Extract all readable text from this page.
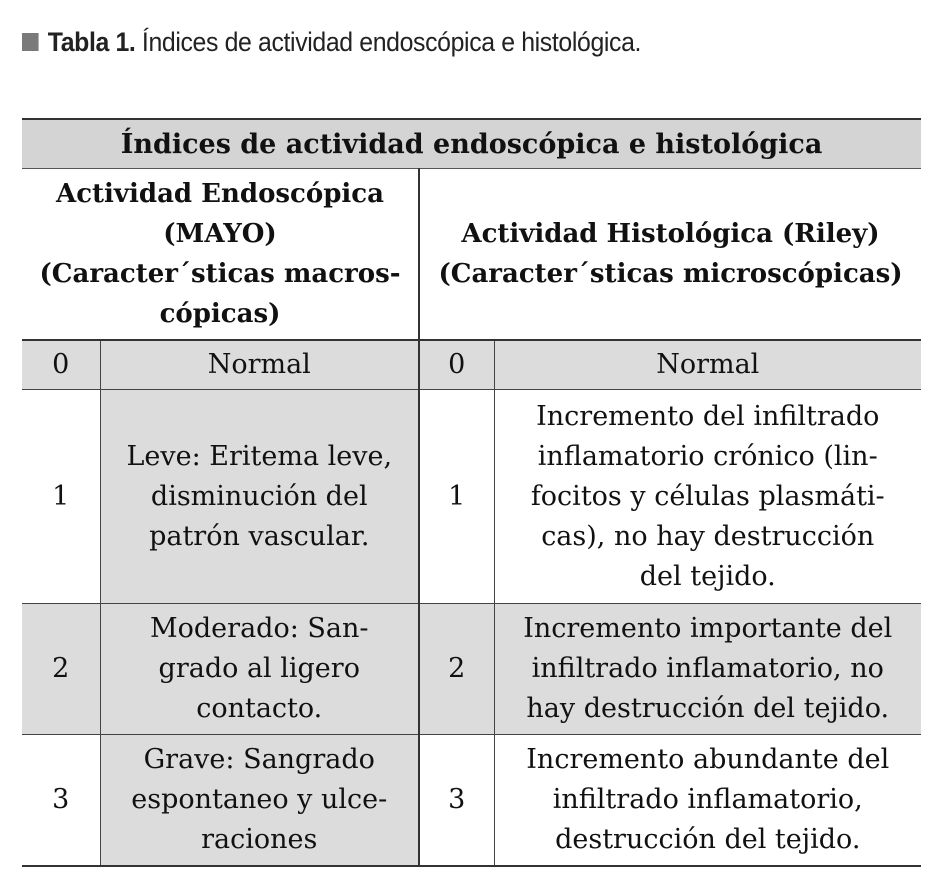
Tabla 1. Índices de actividad endoscópica e histológica.
Índices de actividad endoscópica e histológica			

Actividad Endoscópica
(MAYO)
(Caracter´sticas macros-
cópicas)		Actividad Histológica (Riley)
(Caracter´sticas microscópicas)	

0	Normal	0	Normal

1	Leve: Eritema leve,
disminución del
patrón vascular.	1	Incremento del infiltrado
inflamatorio crónico (lin-
focitos y células plasmáti-
cas), no hay destrucción
del tejido.

2	Moderado: San-
grado al ligero
contacto.	2	Incremento importante del
infiltrado inflamatorio, no
hay destrucción del tejido.

3	Grave: Sangrado
espontaneo y ulce-
raciones	3	Incremento abundante del
infiltrado inflamatorio,
destrucción del tejido.
